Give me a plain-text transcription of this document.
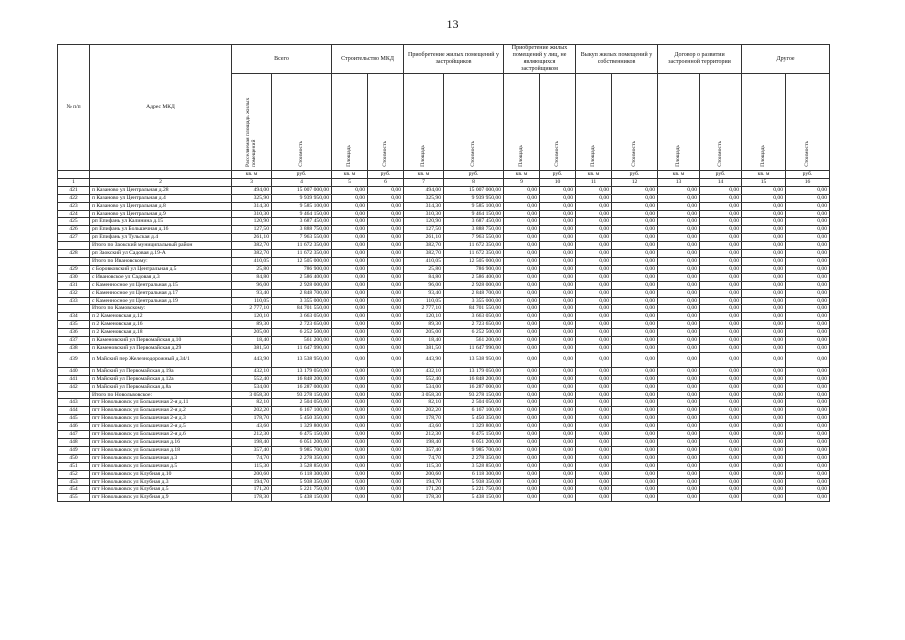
13
№ п/п	Адрес МКД	Всего		Строительство МКД		Приобретение жилых помещений у застройщиков		Приобретение жилых помещений у лиц, не являющихся застройщиком		Выкуп жилых помещений у собственников		Договор о развитии застроенной территории		Другое	
		Расселяемая площадь жилых помещений	Стоимость	Площадь	Стоимость	Площадь	Стоимость	Площадь	Стоимость	Площадь	Стоимость	Площадь	Стоимость	Площадь	Стоимость
		кв. м	руб.	кв. м	руб.	кв. м	руб.	кв. м	руб.	кв. м	руб.	кв. м	руб.	кв. м	руб.
1	2	3	4	5	6	7	8	9	10	11	12	13	14	15	16
421	п Казаново ул Центральная д.28	494,00	15 007 000,00	0,00	0,00	494,00	15 007 000,00	0,00	0,00	0,00	0,00	0,00	0,00	0,00	0,00
422	п Казаново ул Центральная д.4	325,90	9 939 950,00	0,00	0,00	325,90	9 939 950,00	0,00	0,00	0,00	0,00	0,00	0,00	0,00	0,00
423	п Казаново ул Центральная д.8	314,30	9 585 100,00	0,00	0,00	314,30	9 585 100,00	0,00	0,00	0,00	0,00	0,00	0,00	0,00	0,00
424	п Казаново ул Центральная д.9	310,30	9 464 150,00	0,00	0,00	310,30	9 464 150,00	0,00	0,00	0,00	0,00	0,00	0,00	0,00	0,00
425	рп Епифань ул Калинина д.15	120,90	3 687 450,00	0,00	0,00	120,90	3 687 450,00	0,00	0,00	0,00	0,00	0,00	0,00	0,00	0,00
426	рп Епифань ул Большечная д.16	127,50	3 888 750,00	0,00	0,00	127,50	3 888 750,00	0,00	0,00	0,00	0,00	0,00	0,00	0,00	0,00
427	рп Епифань ул Тульская д.4	261,10	7 963 550,00	0,00	0,00	261,10	7 963 550,00	0,00	0,00	0,00	0,00	0,00	0,00	0,00	0,00
	Итого по Заокский муниципальный район	382,70	11 672 350,00	0,00	0,00	382,70	11 672 350,00	0,00	0,00	0,00	0,00	0,00	0,00	0,00	0,00
428	рп Заокский ул Садовая д.19-А	382,70	11 672 350,00	0,00	0,00	382,70	11 672 350,00	0,00	0,00	0,00	0,00	0,00	0,00	0,00	0,00
	Итого по Ивановскому:	410,05	12 505 000,00	0,00	0,00	410,05	12 505 000,00	0,00	0,00	0,00	0,00	0,00	0,00	0,00	0,00
429	с Боровковский ул Центральная д.5	25,80	786 900,00	0,00	0,00	25,80	786 900,00	0,00	0,00	0,00	0,00	0,00	0,00	0,00	0,00
430	с Ивановское ул Садовая д.3	84,80	2 586 400,00	0,00	0,00	84,80	2 586 400,00	0,00	0,00	0,00	0,00	0,00	0,00	0,00	0,00
431	с Каменносное ул Центральная д.15	96,00	2 928 000,00	0,00	0,00	96,00	2 928 000,00	0,00	0,00	0,00	0,00	0,00	0,00	0,00	0,00
432	с Каменносное ул Центральная д.17	93,40	2 848 700,00	0,00	0,00	93,40	2 848 700,00	0,00	0,00	0,00	0,00	0,00	0,00	0,00	0,00
433	с Каменносное ул Центральная д.19	110,05	3 355 000,00	0,00	0,00	110,05	3 355 000,00	0,00	0,00	0,00	0,00	0,00	0,00	0,00	0,00
	Итого по Камовскому:	2 777,10	84 701 550,00	0,00	0,00	2 777,10	84 701 550,00	0,00	0,00	0,00	0,00	0,00	0,00	0,00	0,00
434	п 2 Каменовская д.12	120,10	3 663 050,00	0,00	0,00	120,10	3 663 050,00	0,00	0,00	0,00	0,00	0,00	0,00	0,00	0,00
435	п 2 Каменовская д.16	89,30	2 723 650,00	0,00	0,00	89,30	2 723 650,00	0,00	0,00	0,00	0,00	0,00	0,00	0,00	0,00
436	п 2 Каменовская д.18	205,00	6 252 500,00	0,00	0,00	205,00	6 252 500,00	0,00	0,00	0,00	0,00	0,00	0,00	0,00	0,00
437	п Каменовский ул Первомайская д.10	18,40	561 200,00	0,00	0,00	18,40	561 200,00	0,00	0,00	0,00	0,00	0,00	0,00	0,00	0,00
438	п Каменовский ул Первомайская д.29	381,50	11 647 990,00	0,00	0,00	381,50	11 647 990,00	0,00	0,00	0,00	0,00	0,00	0,00	0,00	0,00
439	п Майский пер Железнодорожный д.34/1	443,90	13 538 950,00	0,00	0,00	443,90	13 538 950,00	0,00	0,00	0,00	0,00	0,00	0,00	0,00	0,00
440	п Майский ул Первомайская д.19а	432,10	13 179 050,00	0,00	0,00	432,10	13 179 050,00	0,00	0,00	0,00	0,00	0,00	0,00	0,00	0,00
441	п Майский ул Первомайская д.12а	552,40	16 848 200,00	0,00	0,00	552,40	16 848 200,00	0,00	0,00	0,00	0,00	0,00	0,00	0,00	0,00
442	п Майский ул Первомайская д.8а	534,00	16 287 000,00	0,00	0,00	534,00	16 287 000,00	0,00	0,00	0,00	0,00	0,00	0,00	0,00	0,00
	Итого по Новольвовское:	3 058,30	93 278 150,00	0,00	0,00	3 058,30	93 278 150,00	0,00	0,00	0,00	0,00	0,00	0,00	0,00	0,00
443	пгт Новольвовск ул Большечная 2-я д.11	82,10	2 504 050,00	0,00	0,00	82,10	2 504 050,00	0,00	0,00	0,00	0,00	0,00	0,00	0,00	0,00
444	пгт Новольвовск ул Большечная 2-я д.2	202,20	6 167 100,00	0,00	0,00	202,20	6 167 100,00	0,00	0,00	0,00	0,00	0,00	0,00	0,00	0,00
445	пгт Новольвовск ул Большечная 2-я д.3	178,70	5 450 350,00	0,00	0,00	178,70	5 450 350,00	0,00	0,00	0,00	0,00	0,00	0,00	0,00	0,00
446	пгт Новольвовск ул Большечная 2-я д.5	43,60	1 329 800,00	0,00	0,00	43,60	1 329 800,00	0,00	0,00	0,00	0,00	0,00	0,00	0,00	0,00
447	пгт Новольвовск ул Большечная 2-я д.6	212,30	6 475 150,00	0,00	0,00	212,30	6 475 150,00	0,00	0,00	0,00	0,00	0,00	0,00	0,00	0,00
448	пгт Новольвовск ул Большечная д.16	198,40	6 051 200,00	0,00	0,00	198,40	6 051 200,00	0,00	0,00	0,00	0,00	0,00	0,00	0,00	0,00
449	пгт Новольвовск ул Большечная д.18	357,40	9 985 700,00	0,00	0,00	357,40	9 985 700,00	0,00	0,00	0,00	0,00	0,00	0,00	0,00	0,00
450	пгт Новольвовск ул Большечная д.3	74,70	2 278 350,00	0,00	0,00	74,70	2 278 350,00	0,00	0,00	0,00	0,00	0,00	0,00	0,00	0,00
451	пгт Новольвовск ул Большечная д.5	115,30	3 528 850,00	0,00	0,00	115,30	3 528 850,00	0,00	0,00	0,00	0,00	0,00	0,00	0,00	0,00
452	пгт Новольвовск ул Клубная д.10	200,60	6 118 300,00	0,00	0,00	200,60	6 118 300,00	0,00	0,00	0,00	0,00	0,00	0,00	0,00	0,00
453	пгт Новольвовск ул Клубная д.3	194,70	5 938 350,00	0,00	0,00	194,70	5 938 350,00	0,00	0,00	0,00	0,00	0,00	0,00	0,00	0,00
454	пгт Новольвовск ул Клубная д.5	171,20	5 221 750,00	0,00	0,00	171,20	5 221 750,00	0,00	0,00	0,00	0,00	0,00	0,00	0,00	0,00
455	пгт Новольвовск ул Клубная д.9	178,30	5 438 150,00	0,00	0,00	178,30	5 438 150,00	0,00	0,00	0,00	0,00	0,00	0,00	0,00	0,00
